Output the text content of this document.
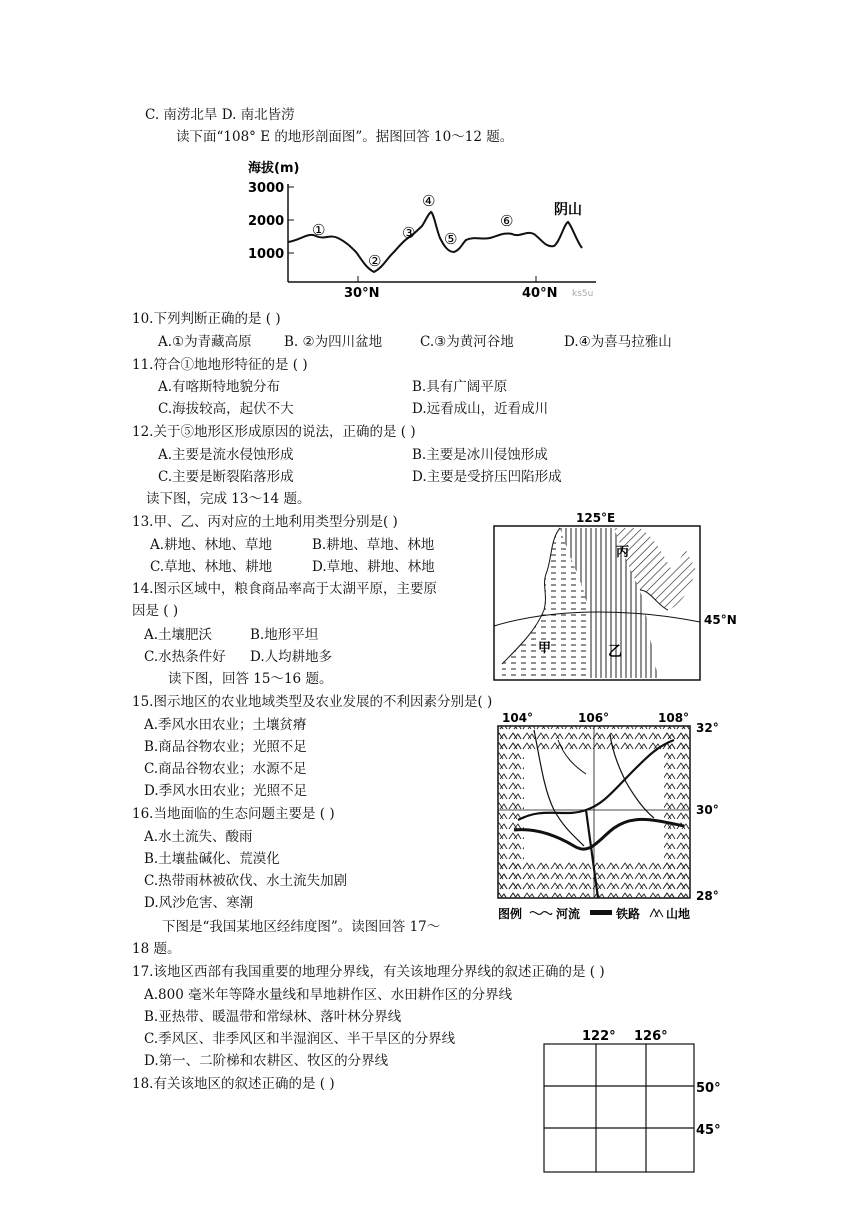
C. 南涝北旱 D. 南北皆涝
读下面“108° E 的地形剖面图”。据图回答 10～12 题。
海拔(m)
3000
2000
1000
30°N	40°N
①
②
③
④
⑤
⑥
阴山
ks5u
10.下列判断正确的是 ( )
A.①为青藏高原 B. ②为四川盆地	C.③为黄河谷地	D.④为喜马拉雅山
11.符合①地地形特征的是 ( )
A.有喀斯特地貌分布	B.具有广阔平原
C.海拔较高，起伏不大	D.远看成山，近看成川
12.关于⑤地形区形成原因的说法，正确的是 ( )
A.主要是流水侵蚀形成	B.主要是冰川侵蚀形成
C.主要是断裂陷落形成	D.主要是受挤压凹陷形成
读下图，完成 13～14 题。
13.甲、乙、丙对应的土地利用类型分别是( )
A.耕地、林地、草地	B.耕地、草地、林地
C.草地、林地、耕地	D.草地、耕地、林地
14.图示区域中，粮食商品率高于太湖平原，主要原
因是 ( )
A.土壤肥沃	B.地形平坦
C.水热条件好 D.人均耕地多
125°E
45°N
丙
乙
甲
读下图，回答 15～16 题。
15.图示地区的农业地域类型及农业发展的不利因素分别是( )
A.季风水田农业；土壤贫瘠
B.商品谷物农业；光照不足
C.商品谷物农业；水源不足
D.季风水田农业；光照不足
16.当地面临的生态问题主要是 ( )
A.水土流失、酸雨
B.土壤盐碱化、荒漠化
C.热带雨林被砍伐、水土流失加剧
D.风沙危害、寒潮
104°	106°	108°
32°
30°
28°
图例	河流	铁路 山地
下图是“我国某地区经纬度图”。读图回答 17～
18 题。
17.该地区西部有我国重要的地理分界线，有关该地理分界线的叙述正确的是 ( )
A.800 毫米年等降水量线和旱地耕作区、水田耕作区的分界线
B.亚热带、暖温带和常绿林、落叶林分界线
C.季风区、非季风区和半湿润区、半干旱区的分界线
D.第一、二阶梯和农耕区、牧区的分界线
18.有关该地区的叙述正确的是 ( )
122° 126°
50°
45°
